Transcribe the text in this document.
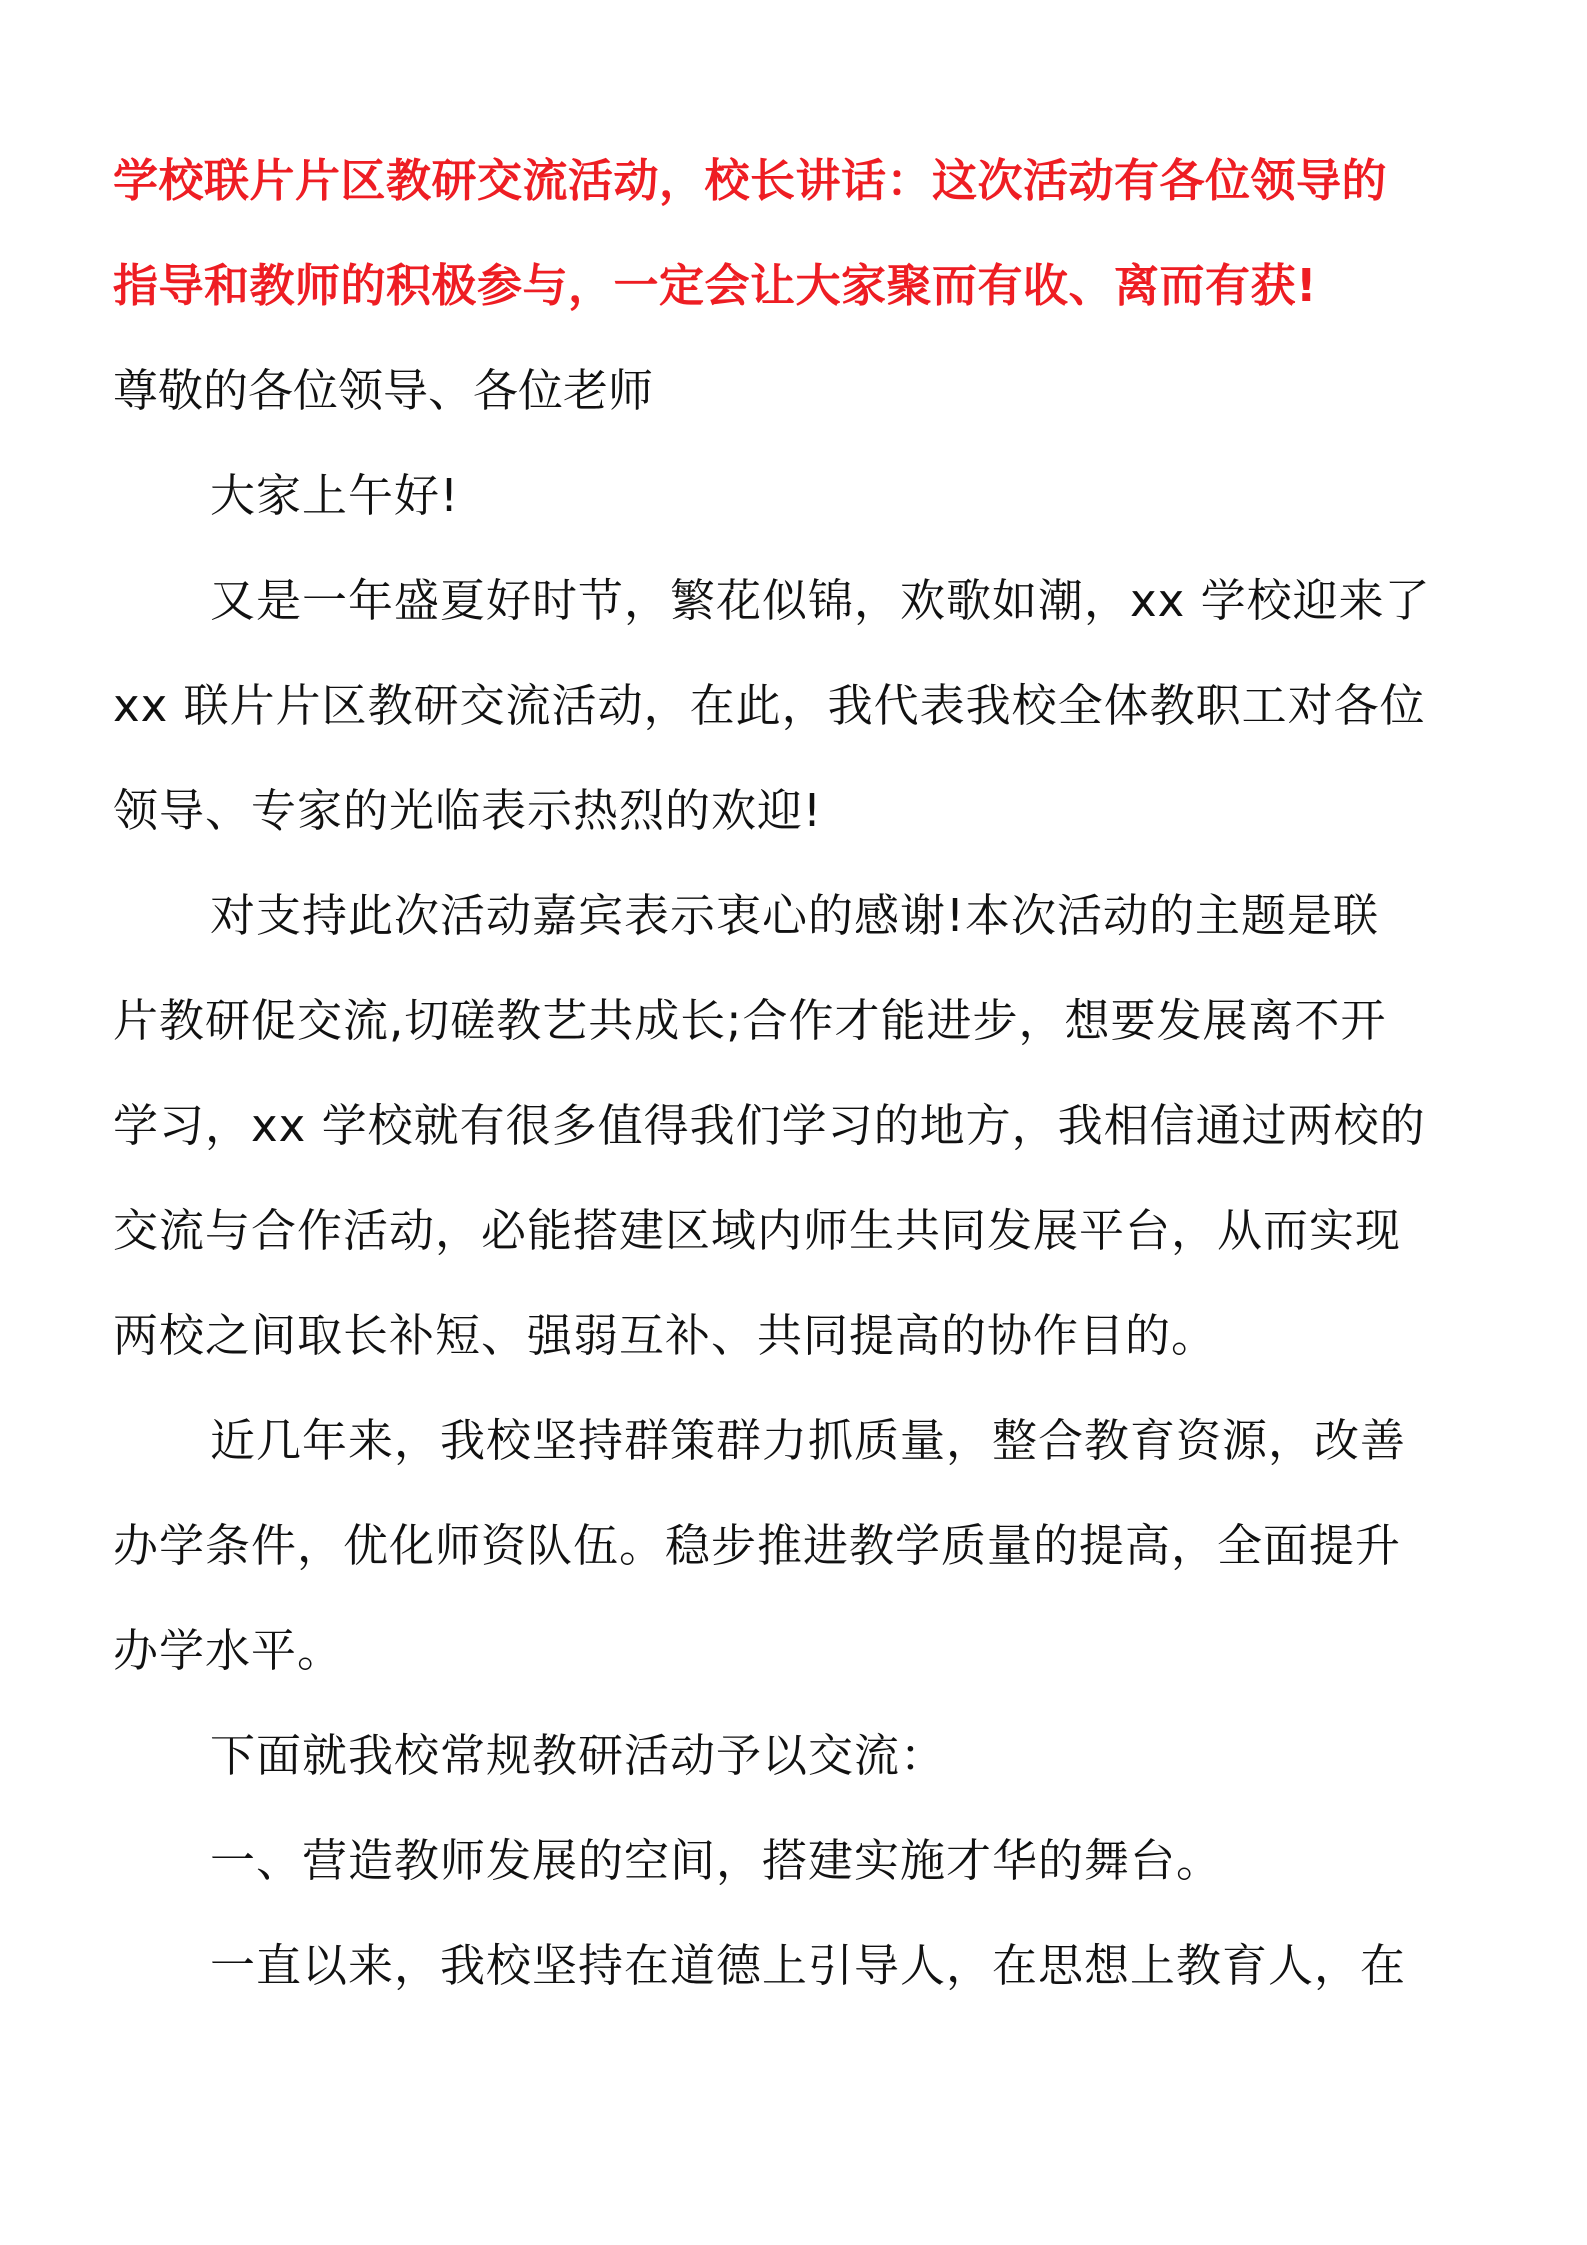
学校联片片区教研交流活动，校长讲话：这次活动有各位领导的
指导和教师的积极参与，一定会让大家聚而有收、离而有获!

尊敬的各位领导、各位老师

大家上午好!

又是一年盛夏好时节，繁花似锦，欢歌如潮，xx 学校迎来了
xx 联片片区教研交流活动，在此，我代表我校全体教职工对各位
领导、专家的光临表示热烈的欢迎!

对支持此次活动嘉宾表示衷心的感谢!本次活动的主题是联
片教研促交流,切磋教艺共成长;合作才能进步，想要发展离不开
学习，xx 学校就有很多值得我们学习的地方，我相信通过两校的
交流与合作活动，必能搭建区域内师生共同发展平台，从而实现
两校之间取长补短、强弱互补、共同提高的协作目的。

近几年来，我校坚持群策群力抓质量，整合教育资源，改善
办学条件，优化师资队伍。稳步推进教学质量的提高，全面提升
办学水平。

下面就我校常规教研活动予以交流：

一、营造教师发展的空间，搭建实施才华的舞台。

一直以来，我校坚持在道德上引导人，在思想上教育人，在
